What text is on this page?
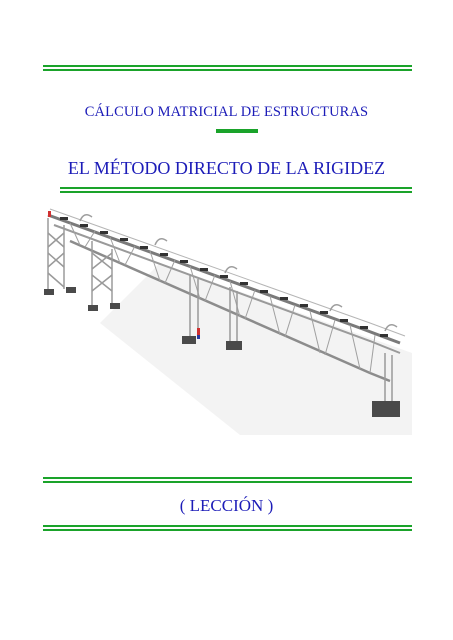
CÁLCULO MATRICIAL DE ESTRUCTURAS
EL MÉTODO DIRECTO DE LA RIGIDEZ
( LECCIÓN )
